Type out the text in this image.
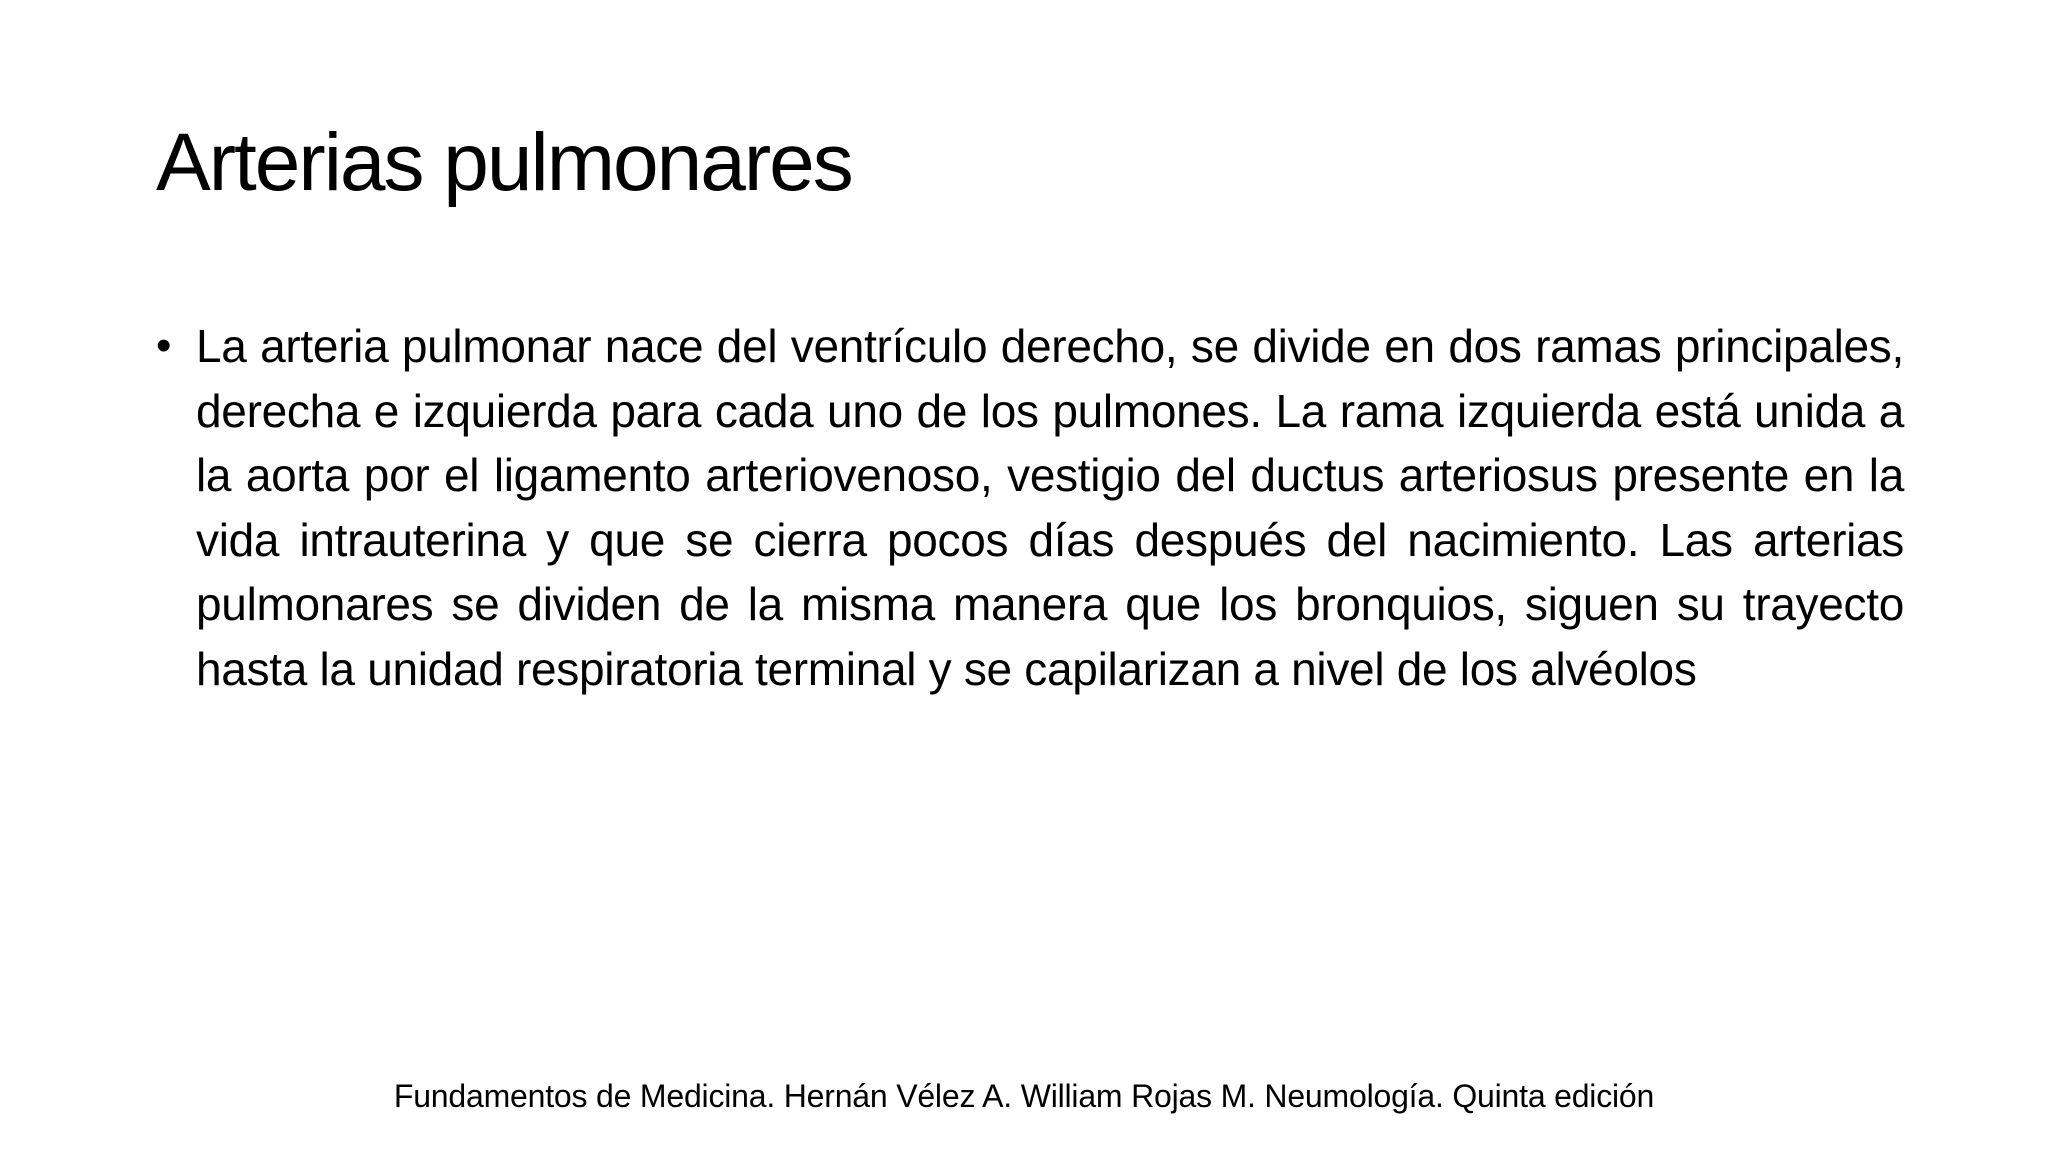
Arterias pulmonares
• La arteria pulmonar nace del ventrículo derecho, se divide en dos ramas principales, derecha e izquierda para cada uno de los pulmones. La rama izquierda está unida a la aorta por el ligamento arteriovenoso, vestigio del ductus arteriosus presente en la vida intrauterina y que se cierra pocos días después del nacimiento. Las arterias pulmonares se dividen de la misma manera que los bronquios, siguen su trayecto hasta la unidad respiratoria terminal y se capilarizan a nivel de los alvéolos
Fundamentos de Medicina. Hernán Vélez A. William Rojas M. Neumología. Quinta edición
